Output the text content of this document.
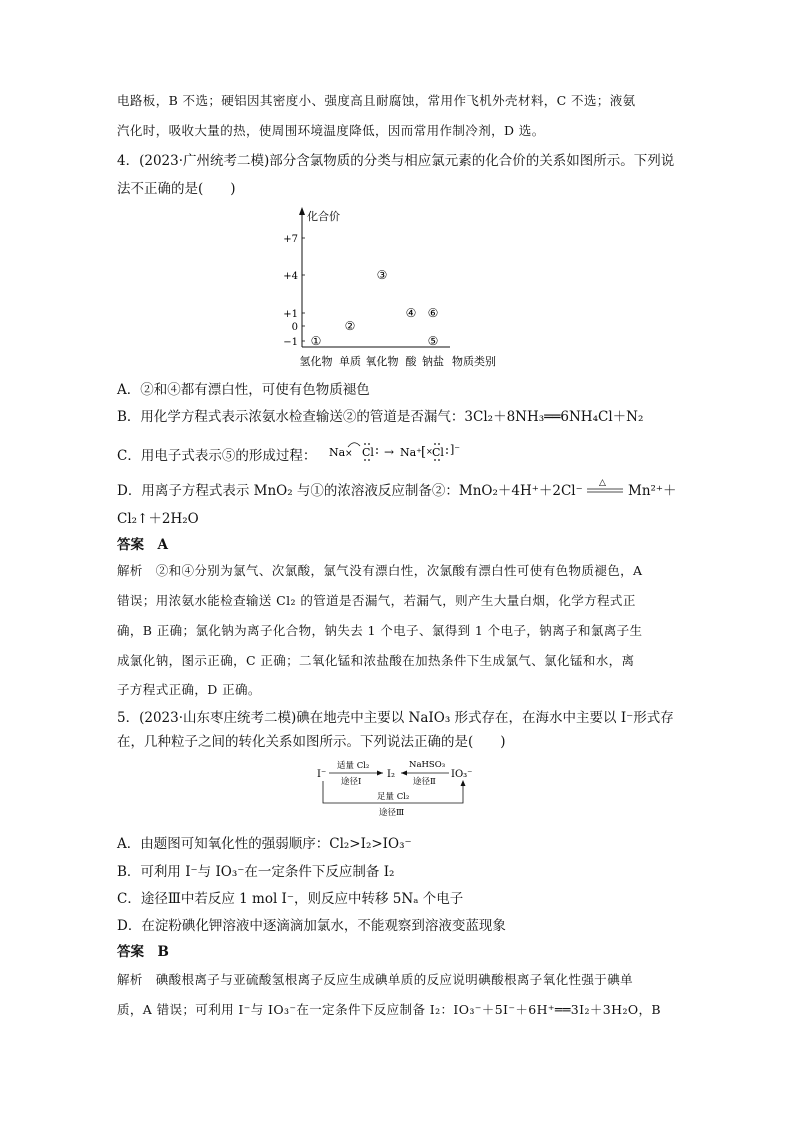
电路板，B 不选；硬铝因其密度小、强度高且耐腐蚀，常用作飞机外壳材料，C 不选；液氨
汽化时，吸收大量的热，使周围环境温度降低，因而常用作制冷剂，D 选。
4．(2023·广州统考二模)部分含氯物质的分类与相应氯元素的化合价的关系如图所示。下列说
法不正确的是(　　)
化合价
物质类别
+7
+4
+1
0
−1
氢化物 单质 氧化物 酸 钠盐
①
②
③
④ ⑥
⑤
A．②和④都有漂白性，可使有色物质褪色
B．用化学方程式表示浓氨水检查输送②的管道是否漏气：3Cl₂＋8NH₃══6NH₄Cl＋N₂
C．用电子式表示⑤的形成过程： Na × Cl → Na⁺ [ × Cl ]⁻
D．用离子方程式表示 MnO₂ 与①的浓溶液反应制备②：MnO₂＋4H⁺＋2Cl⁻ △ Mn²⁺＋
Cl₂↑＋2H₂O
答案　A
解析　②和④分别为氯气、次氯酸，氯气没有漂白性，次氯酸有漂白性可使有色物质褪色，A
错误；用浓氨水能检查输送 Cl₂ 的管道是否漏气，若漏气，则产生大量白烟，化学方程式正
确，B 正确；氯化钠为离子化合物，钠失去 1 个电子、氯得到 1 个电子，钠离子和氯离子生
成氯化钠，图示正确，C 正确；二氧化锰和浓盐酸在加热条件下生成氯气、氯化锰和水，离
子方程式正确，D 正确。
5．(2023·山东枣庄统考二模)碘在地壳中主要以 NaIO₃ 形式存在，在海水中主要以 I⁻形式存
在，几种粒子之间的转化关系如图所示。下列说法正确的是(　　)
I⁻	I₂	IO₃⁻
适量 Cl₂
途径Ⅰ
NaHSO₃
途径Ⅱ
足量 Cl₂
途径Ⅲ
A．由题图可知氧化性的强弱顺序：Cl₂>I₂>IO₃⁻
B．可利用 I⁻与 IO₃⁻在一定条件下反应制备 I₂
C．途径Ⅲ中若反应 1 mol I⁻，则反应中转移 5Nₐ 个电子
D．在淀粉碘化钾溶液中逐滴滴加氯水，不能观察到溶液变蓝现象
答案　B
解析　碘酸根离子与亚硫酸氢根离子反应生成碘单质的反应说明碘酸根离子氧化性强于碘单
质，A 错误；可利用 I⁻与 IO₃⁻在一定条件下反应制备 I₂：IO₃⁻＋5I⁻＋6H⁺══3I₂＋3H₂O，B
